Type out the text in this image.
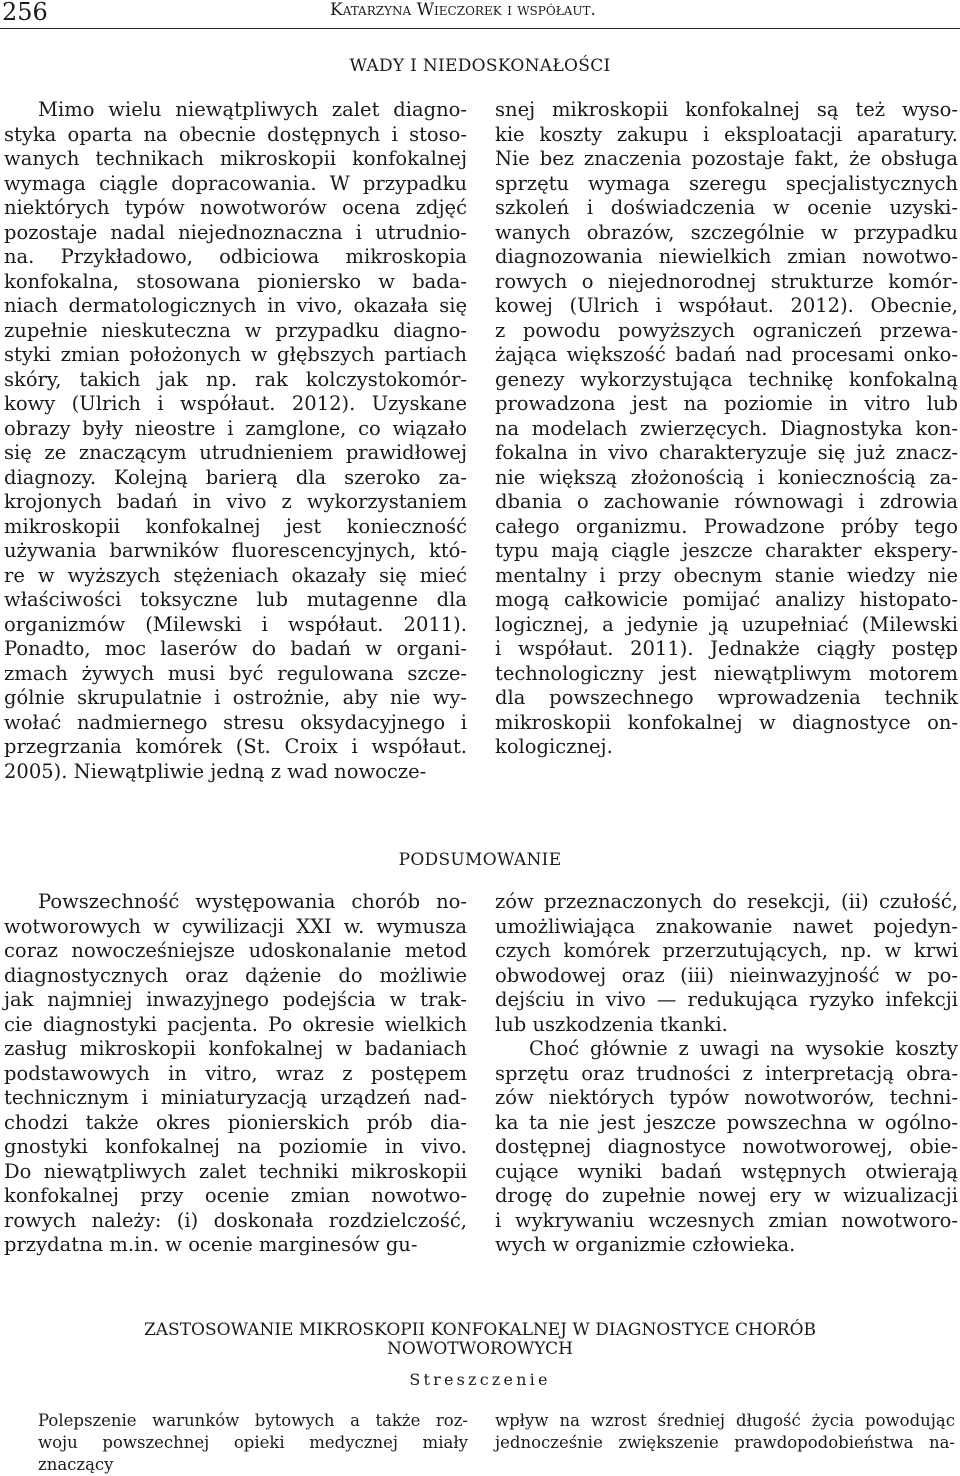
256	Katarzyna Wieczorek i współaut.
WADY I NIEDOSKONAŁOŚCI
Mimo wielu niewątpliwych zalet diagno-
styka oparta na obecnie dostępnych i stoso-
wanych technikach mikroskopii konfokalnej
wymaga ciągle dopracowania. W przypadku
niektórych typów nowotworów ocena zdjęć
pozostaje nadal niejednoznaczna i utrudnio-
na. Przykładowo, odbiciowa mikroskopia
konfokalna, stosowana pioniersko w bada-
niach dermatologicznych in vivo, okazała się
zupełnie nieskuteczna w przypadku diagno-
styki zmian położonych w głębszych partiach
skóry, takich jak np. rak kolczystokomór-
kowy (Ulrich i współaut. 2012). Uzyskane
obrazy były nieostre i zamglone, co wiązało
się ze znaczącym utrudnieniem prawidłowej
diagnozy. Kolejną barierą dla szeroko za-
krojonych badań in vivo z wykorzystaniem
mikroskopii konfokalnej jest konieczność
używania barwników fluorescencyjnych, któ-
re w wyższych stężeniach okazały się mieć
właściwości toksyczne lub mutagenne dla
organizmów (Milewski i współaut. 2011).
Ponadto, moc laserów do badań w organi-
zmach żywych musi być regulowana szcze-
gólnie skrupulatnie i ostrożnie, aby nie wy-
wołać nadmiernego stresu oksydacyjnego i
przegrzania komórek (St. Croix i współaut.
2005). Niewątpliwie jedną z wad nowocze-
snej mikroskopii konfokalnej są też wyso-
kie koszty zakupu i eksploatacji aparatury.
Nie bez znaczenia pozostaje fakt, że obsługa
sprzętu wymaga szeregu specjalistycznych
szkoleń i doświadczenia w ocenie uzyski-
wanych obrazów, szczególnie w przypadku
diagnozowania niewielkich zmian nowotwo-
rowych o niejednorodnej strukturze komór-
kowej (Ulrich i współaut. 2012). Obecnie,
z powodu powyższych ograniczeń przewa-
żająca większość badań nad procesami onko-
genezy wykorzystująca technikę konfokalną
prowadzona jest na poziomie in vitro lub
na modelach zwierzęcych. Diagnostyka kon-
fokalna in vivo charakteryzuje się już znacz-
nie większą złożonością i koniecznością za-
dbania o zachowanie równowagi i zdrowia
całego organizmu. Prowadzone próby tego
typu mają ciągle jeszcze charakter ekspery-
mentalny i przy obecnym stanie wiedzy nie
mogą całkowicie pomijać analizy histopato-
logicznej, a jedynie ją uzupełniać (Milewski
i współaut. 2011). Jednakże ciągły postęp
technologiczny jest niewątpliwym motorem
dla powszechnego wprowadzenia technik
mikroskopii konfokalnej w diagnostyce on-
kologicznej.
PODSUMOWANIE
Powszechność występowania chorób no-
wotworowych w cywilizacji XXI w. wymusza
coraz nowocześniejsze udoskonalanie metod
diagnostycznych oraz dążenie do możliwie
jak najmniej inwazyjnego podejścia w trak-
cie diagnostyki pacjenta. Po okresie wielkich
zasług mikroskopii konfokalnej w badaniach
podstawowych in vitro, wraz z postępem
technicznym i miniaturyzacją urządzeń nad-
chodzi także okres pionierskich prób dia-
gnostyki konfokalnej na poziomie in vivo.
Do niewątpliwych zalet techniki mikroskopii
konfokalnej przy ocenie zmian nowotwo-
rowych należy: (i) doskonała rozdzielczość,
przydatna m.in. w ocenie marginesów gu-
zów przeznaczonych do resekcji, (ii) czułość,
umożliwiająca znakowanie nawet pojedyn-
czych komórek przerzutujących, np. w krwi
obwodowej oraz (iii) nieinwazyjność w po-
dejściu in vivo — redukująca ryzyko infekcji
lub uszkodzenia tkanki.
Choć głównie z uwagi na wysokie koszty
sprzętu oraz trudności z interpretacją obra-
zów niektórych typów nowotworów, techni-
ka ta nie jest jeszcze powszechna w ogólno-
dostępnej diagnostyce nowotworowej, obie-
cujące wyniki badań wstępnych otwierają
drogę do zupełnie nowej ery w wizualizacji
i wykrywaniu wczesnych zmian nowotworo-
wych w organizmie człowieka.
ZASTOSOWANIE MIKROSKOPII KONFOKALNEJ W DIAGNOSTYCE CHORÓB
NOWOTWOROWYCH
Streszczenie
Polepszenie warunków bytowych a także roz-
woju powszechnej opieki medycznej miały znaczący
wpływ na wzrost średniej długość życia powodując
jednocześnie zwiększenie prawdopodobieństwa na-
